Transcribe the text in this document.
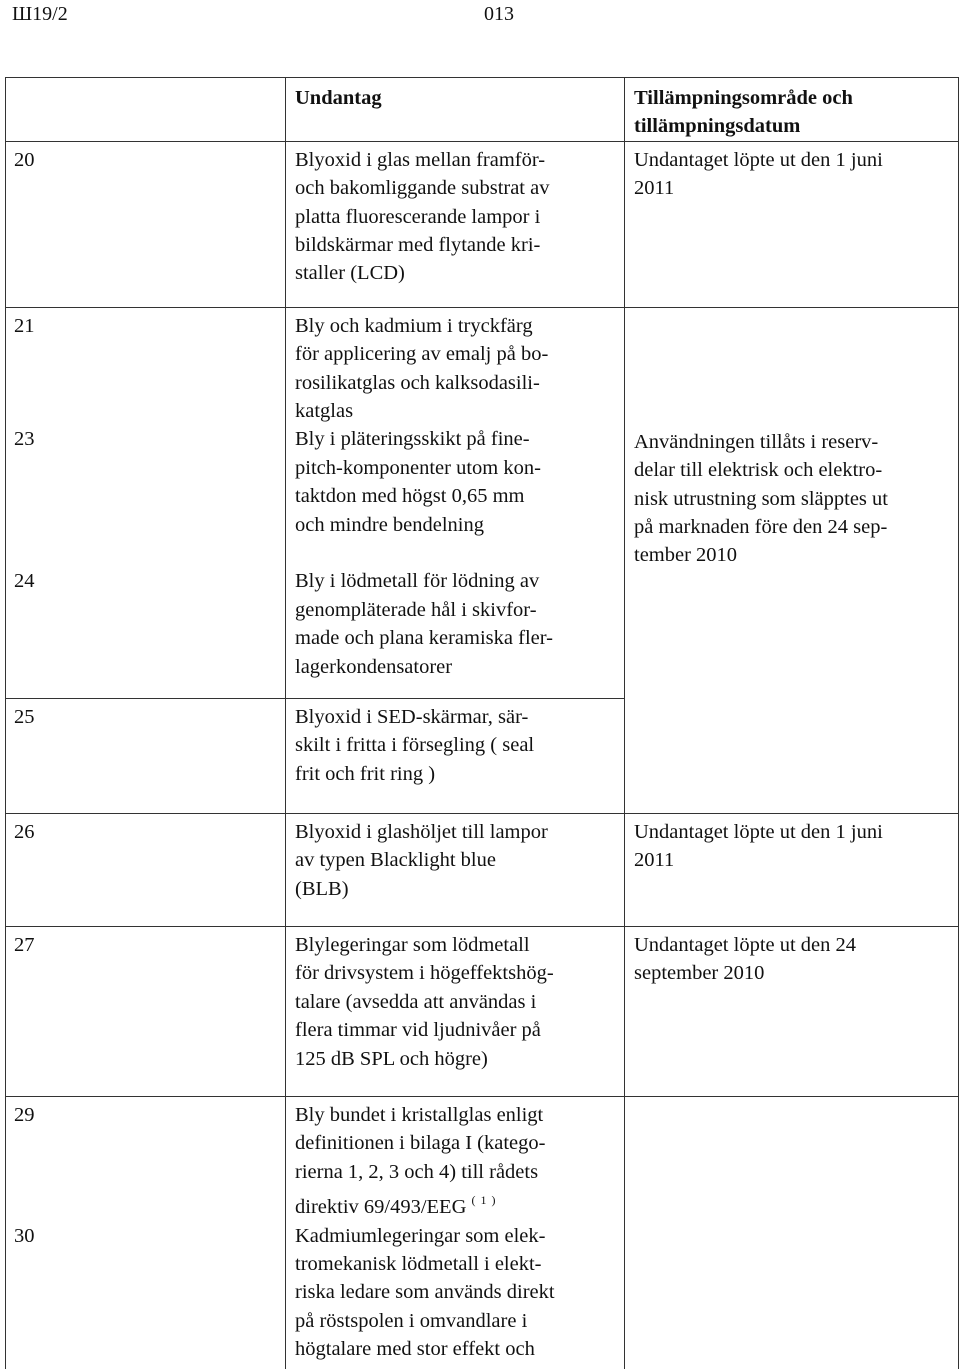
Ш19/2	013

	Undantag	Tillämpningsområde och tillämpningsdatum

20	Blyoxid i glas mellan framför-
och bakomliggande substrat av
platta fluorescerande lampor i
bildskärmar med flytande kri-
staller (LCD)	Undantaget löpte ut den 1 juni
2011

21	Bly och kadmium i tryckfärg
för applicering av emalj på bo-
rosilikatglas och kalksodasili-
katglas	Användningen tillåts i reserv-
delar till elektrisk och elektro-
nisk utrustning som släpptes ut
på marknaden före den 24 sep-
tember 2010

23	Bly i pläteringsskikt på fine-
pitch-komponenter utom kon-
taktdon med högst 0,65 mm
och mindre bendelning	

24	Bly i lödmetall för lödning av
genompläterade hål i skivfor-
made och plana keramiska fler-
lagerkondensatorer	

25	Blyoxid i SED-skärmar, sär-
skilt i fritta i försegling ( seal
frit och frit ring )	

26	Blyoxid i glashöljet till lampor
av typen Blacklight blue
(BLB)	Undantaget löpte ut den 1 juni
2011

27	Blylegeringar som lödmetall
för drivsystem i högeffektshög-
talare (avsedda att användas i
flera timmar vid ljudnivåer på
125 dB SPL och högre)	Undantaget löpte ut den 24
september 2010

29	Bly bundet i kristallglas enligt
definitionen i bilaga I (katego-
rierna 1, 2, 3 och 4) till rådets
direktiv 69/493/EEG $^{( 1 )}$

30	Kadmiumlegeringar som elek-
tromekanisk lödmetall i elekt-
riska ledare som används direkt
på röstspolen i omvandlare i
högtalare med stor effekt och	
